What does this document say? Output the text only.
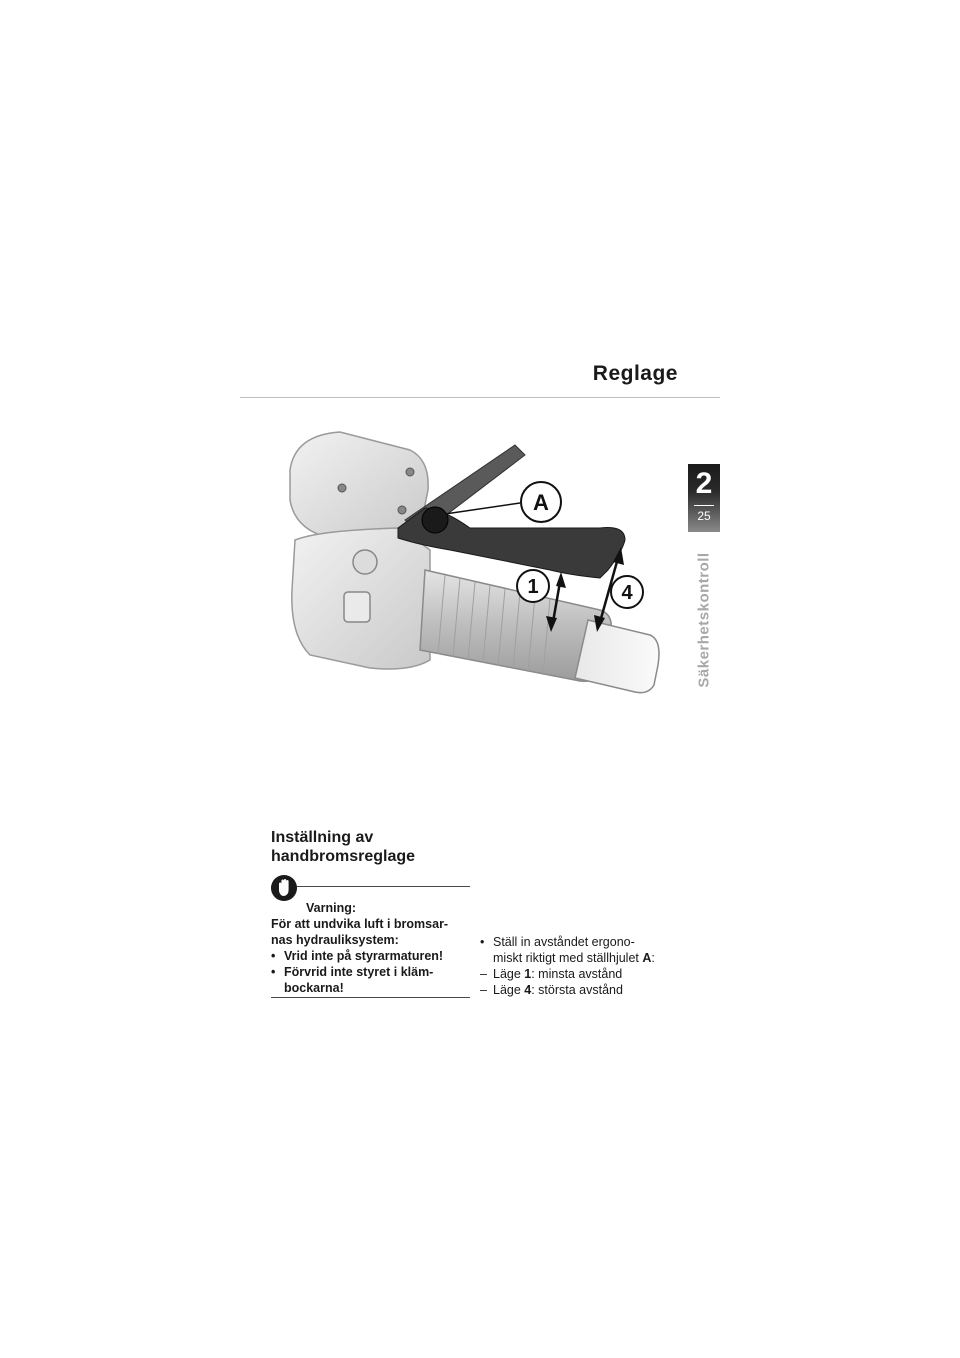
Reglage
2
25
Säkerhetskontroll
A
1	4
Inställning av
handbromsreglage
Varning:
För att undvika luft i bromsar-
nas hydrauliksystem:
• Vrid inte på styrarmaturen!
• Förvrid inte styret i kläm-
bockarna!
• Ställ in avståndet ergono-
miskt riktigt med ställhjulet A:
– Läge 1: minsta avstånd
– Läge 4: största avstånd
